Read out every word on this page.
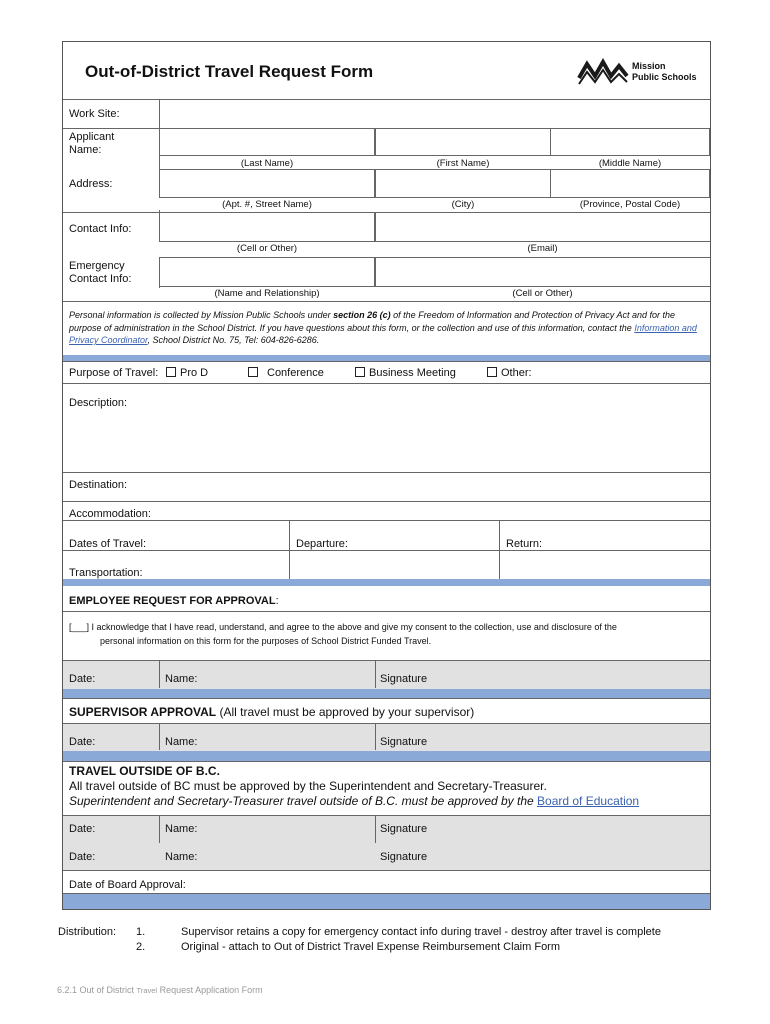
Out-of-District Travel Request Form	Mission
Public Schools
Work Site:
Applicant
Name:
(Last Name)	(First Name)	(Middle Name)
Address:
(Apt. #, Street Name)	(City)	(Province, Postal Code)
Contact Info:
(Cell or Other)	(Email)
Emergency
Contact Info:
(Name and Relationship)	(Cell or Other)
Personal information is collected by Mission Public Schools under section 26 (c) of the Freedom of Information and Protection of Privacy Act and for the purpose of administration in the School District. If you have questions about this form, or the collection and use of this information, contact the Information and Privacy Coordinator, School District No. 75, Tel: 604-826-6286.
Purpose of Travel:	Pro D	Conference	Business Meeting	Other:
Description:
Destination:
Accommodation:
Dates of Travel:	Departure:	Return:
Transportation:
EMPLOYEE REQUEST FOR APPROVAL:
[___] I acknowledge that I have read, understand, and agree to the above and give my consent to the collection, use and disclosure of the
personal information on this form for the purposes of School District Funded Travel.
Date:	Name:	Signature
SUPERVISOR APPROVAL (All travel must be approved by your supervisor)
Date:	Name:	Signature
TRAVEL OUTSIDE OF B.C.
All travel outside of BC must be approved by the Superintendent and Secretary-Treasurer.
Superintendent and Secretary-Treasurer travel outside of B.C. must be approved by the Board of Education
Date:	Name:	Signature
Date:	Name:	Signature
Date of Board Approval:
Distribution: 1.	Supervisor retains a copy for emergency contact info during travel - destroy after travel is complete
2.	Original - attach to Out of District Travel Expense Reimbursement Claim Form
6.2.1 Out of District Travel Request Application Form
